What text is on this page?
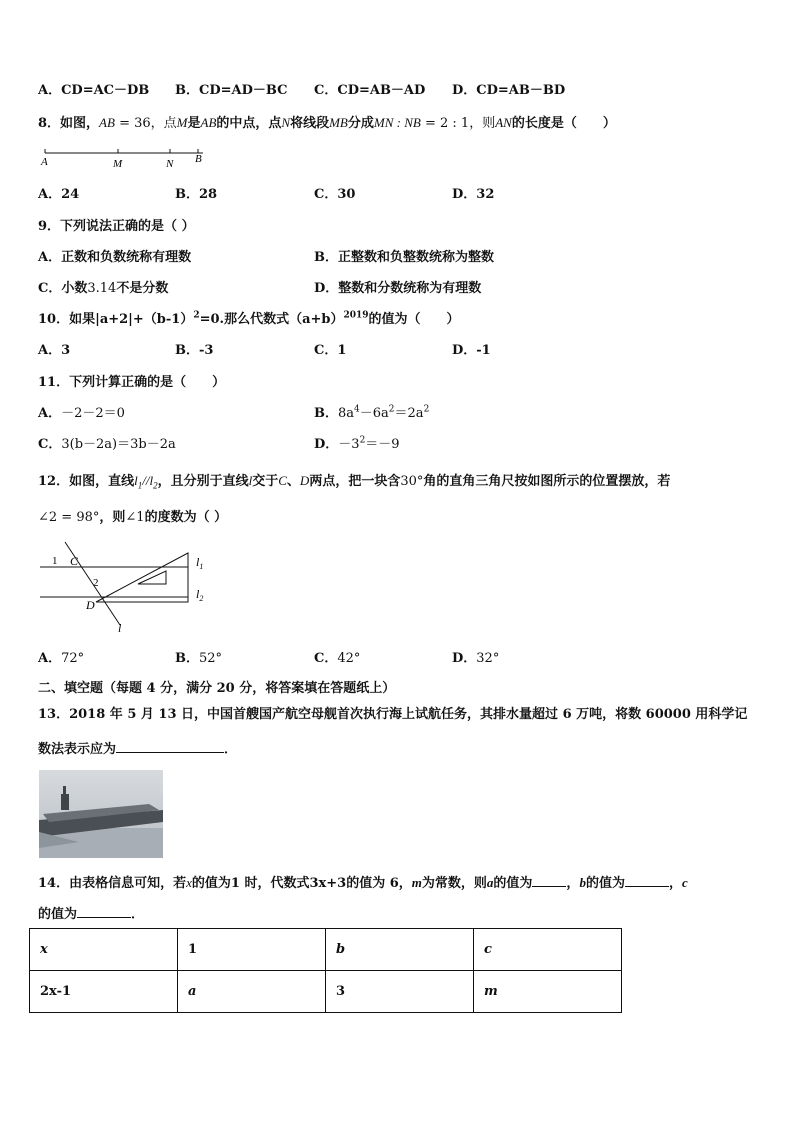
A．CD=AC－DB B．CD=AD－BC C．CD=AB－AD D．CD=AB－BD
8．如图，AB = 36，点M是AB的中点，点N将线段MB分成MN : NB = 2 : 1，则AN的长度是（　　）
A	M	N B
A．24	B．28	C．30	D．32
9．下列说法正确的是（ ）
A．正数和负数统称有理数	B．正整数和负整数统称为整数
C．小数3.14不是分数	D．整数和分数统称为有理数
10．如果$|a+2|+(b-1)^2=0$.那么代数式$(a+b)^{2019}$的值为（　　）
A．3	B．-3	C．1	D．-1
11．下列计算正确的是（　　）
A．－2－2＝0	B．$8a^4-6a^2=2a^2$
C．3(b－2a)＝3b－2a	D．$-3^2=-9$
12．如图，直线$l_1//l_2$，且分别于直线l交于C、D两点，把一块含30°角的直角三角尺按如图所示的位置摆放，若
∠2 = 98°，则∠1的度数为（ ）
1 C
2
D
$l_1$
$l_2$
l
A．72°	B．52°	C．42°	D．32°
二、填空题（每题 4 分，满分 20 分，将答案填在答题纸上）
13．2018 年 5 月 13 日，中国首艘国产航空母舰首次执行海上试航任务，其排水量超过 6 万吨，将数 60000 用科学记
数法表示应为	．
14．由表格信息可知，若x的值为1 时，代数式3x+3的值为 6，m为常数，则a的值为	，b的值为	，c
的值为	．
x	1	b	c
2x-1	a	3	m
